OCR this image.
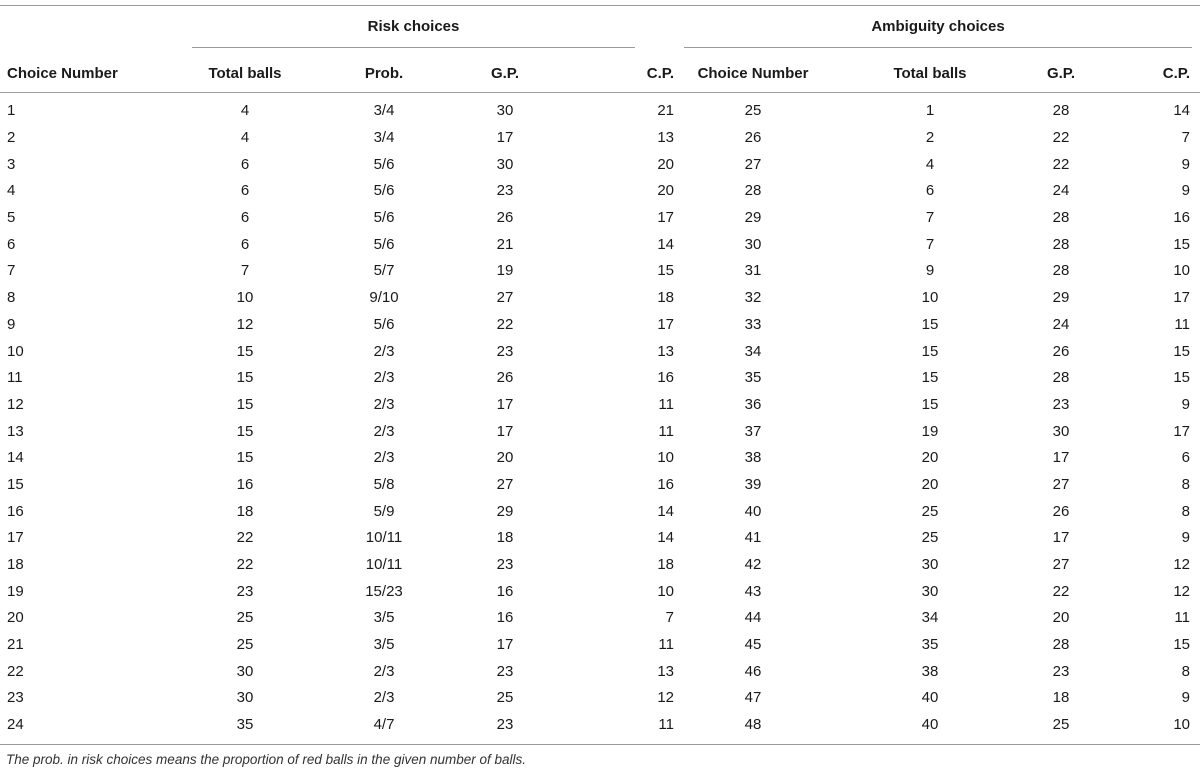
Risk choices	Ambiguity choices
Choice Number	Total balls	Prob.	G.P.	C.P.	Choice Number	Total balls	G.P.	C.P.
1	4	3/4	30	21	25	1	28	14
2	4	3/4	17	13	26	2	22	7
3	6	5/6	30	20	27	4	22	9
4	6	5/6	23	20	28	6	24	9
5	6	5/6	26	17	29	7	28	16
6	6	5/6	21	14	30	7	28	15
7	7	5/7	19	15	31	9	28	10
8	10	9/10	27	18	32	10	29	17
9	12	5/6	22	17	33	15	24	11
10	15	2/3	23	13	34	15	26	15
11	15	2/3	26	16	35	15	28	15
12	15	2/3	17	11	36	15	23	9
13	15	2/3	17	11	37	19	30	17
14	15	2/3	20	10	38	20	17	6
15	16	5/8	27	16	39	20	27	8
16	18	5/9	29	14	40	25	26	8
17	22	10/11	18	14	41	25	17	9
18	22	10/11	23	18	42	30	27	12
19	23	15/23	16	10	43	30	22	12
20	25	3/5	16	7	44	34	20	11
21	25	3/5	17	11	45	35	28	15
22	30	2/3	23	13	46	38	23	8
23	30	2/3	25	12	47	40	18	9
24	35	4/7	23	11	48	40	25	10
The prob. in risk choices means the proportion of red balls in the given number of balls.
